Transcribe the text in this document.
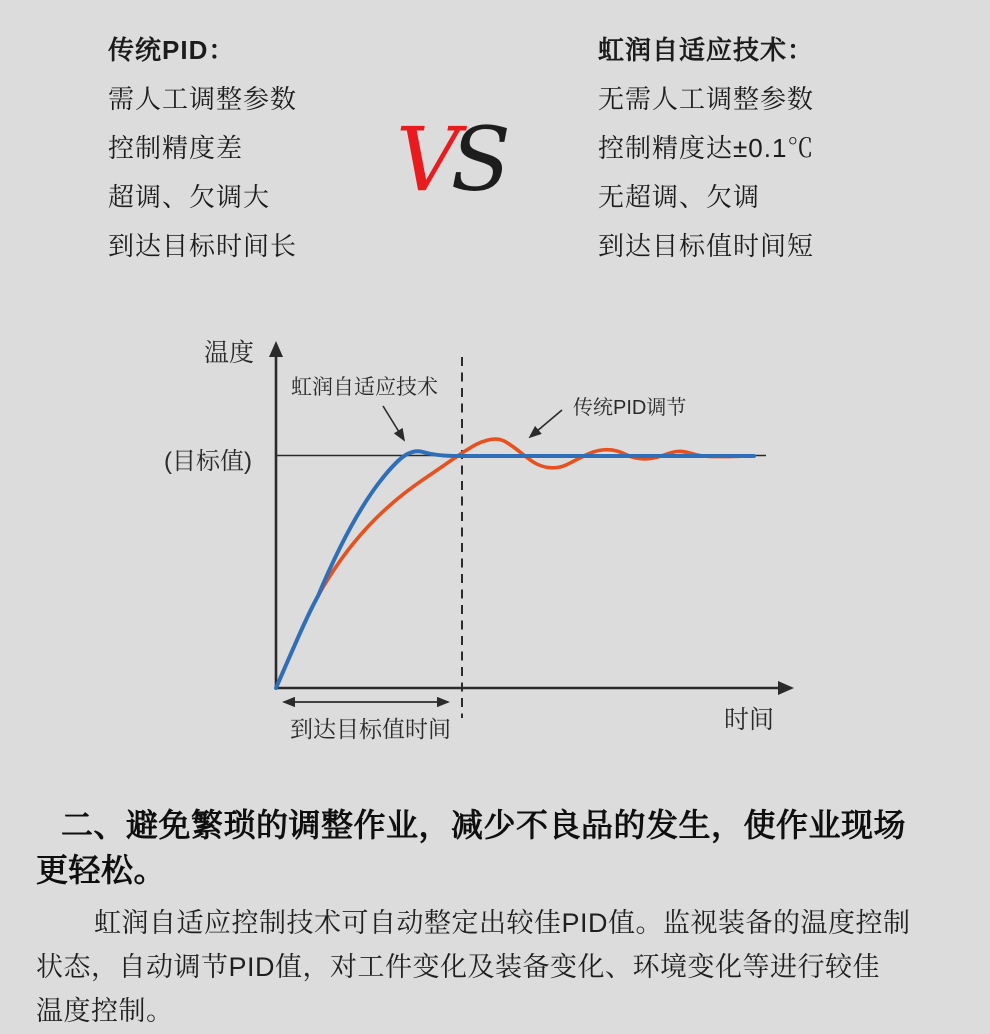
传统PID：
需人工调整参数
控制精度差
超调、欠调大
到达目标时间长
VS
虹润自适应技术：
无需人工调整参数
控制精度达±0.1℃
无超调、欠调
到达目标值时间短
温度
虹润自适应技术
传统PID调节
(目标值)
到达目标值时间	时间
二、避免繁琐的调整作业，减少不良品的发生，使作业现场
更轻松。
虹润自适应控制技术可自动整定出较佳PID值。监视装备的温度控制
状态，自动调节PID值，对工件变化及装备变化、环境变化等进行较佳
温度控制。
